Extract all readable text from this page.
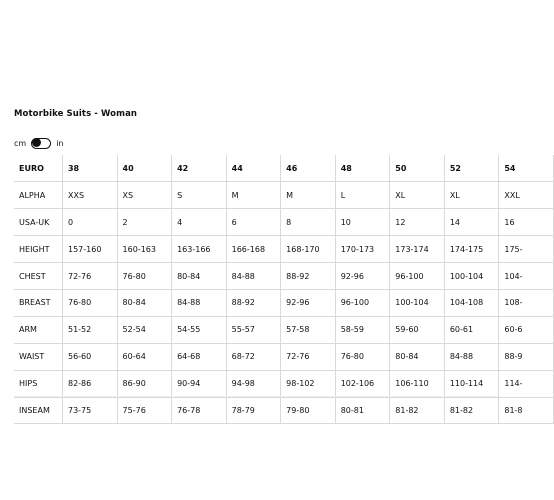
Motorbike Suits - Woman
cm	in
EURO	38	40	42	44	46	48	50	52	54
ALPHA	XXS	XS	S	M	M	L	XL	XL	XXL
USA-UK	0	2	4	6	8	10	12	14	16
HEIGHT	157-160	160-163	163-166	166-168	168-170	170-173	173-174	174-175	175-
CHEST	72-76	76-80	80-84	84-88	88-92	92-96	96-100	100-104	104-
BREAST	76-80	80-84	84-88	88-92	92-96	96-100	100-104	104-108	108-
ARM	51-52	52-54	54-55	55-57	57-58	58-59	59-60	60-61	60-6
WAIST	56-60	60-64	64-68	68-72	72-76	76-80	80-84	84-88	88-9
HIPS	82-86	86-90	90-94	94-98	98-102	102-106	106-110	110-114	114-
INSEAM	73-75	75-76	76-78	78-79	79-80	80-81	81-82	81-82	81-8
